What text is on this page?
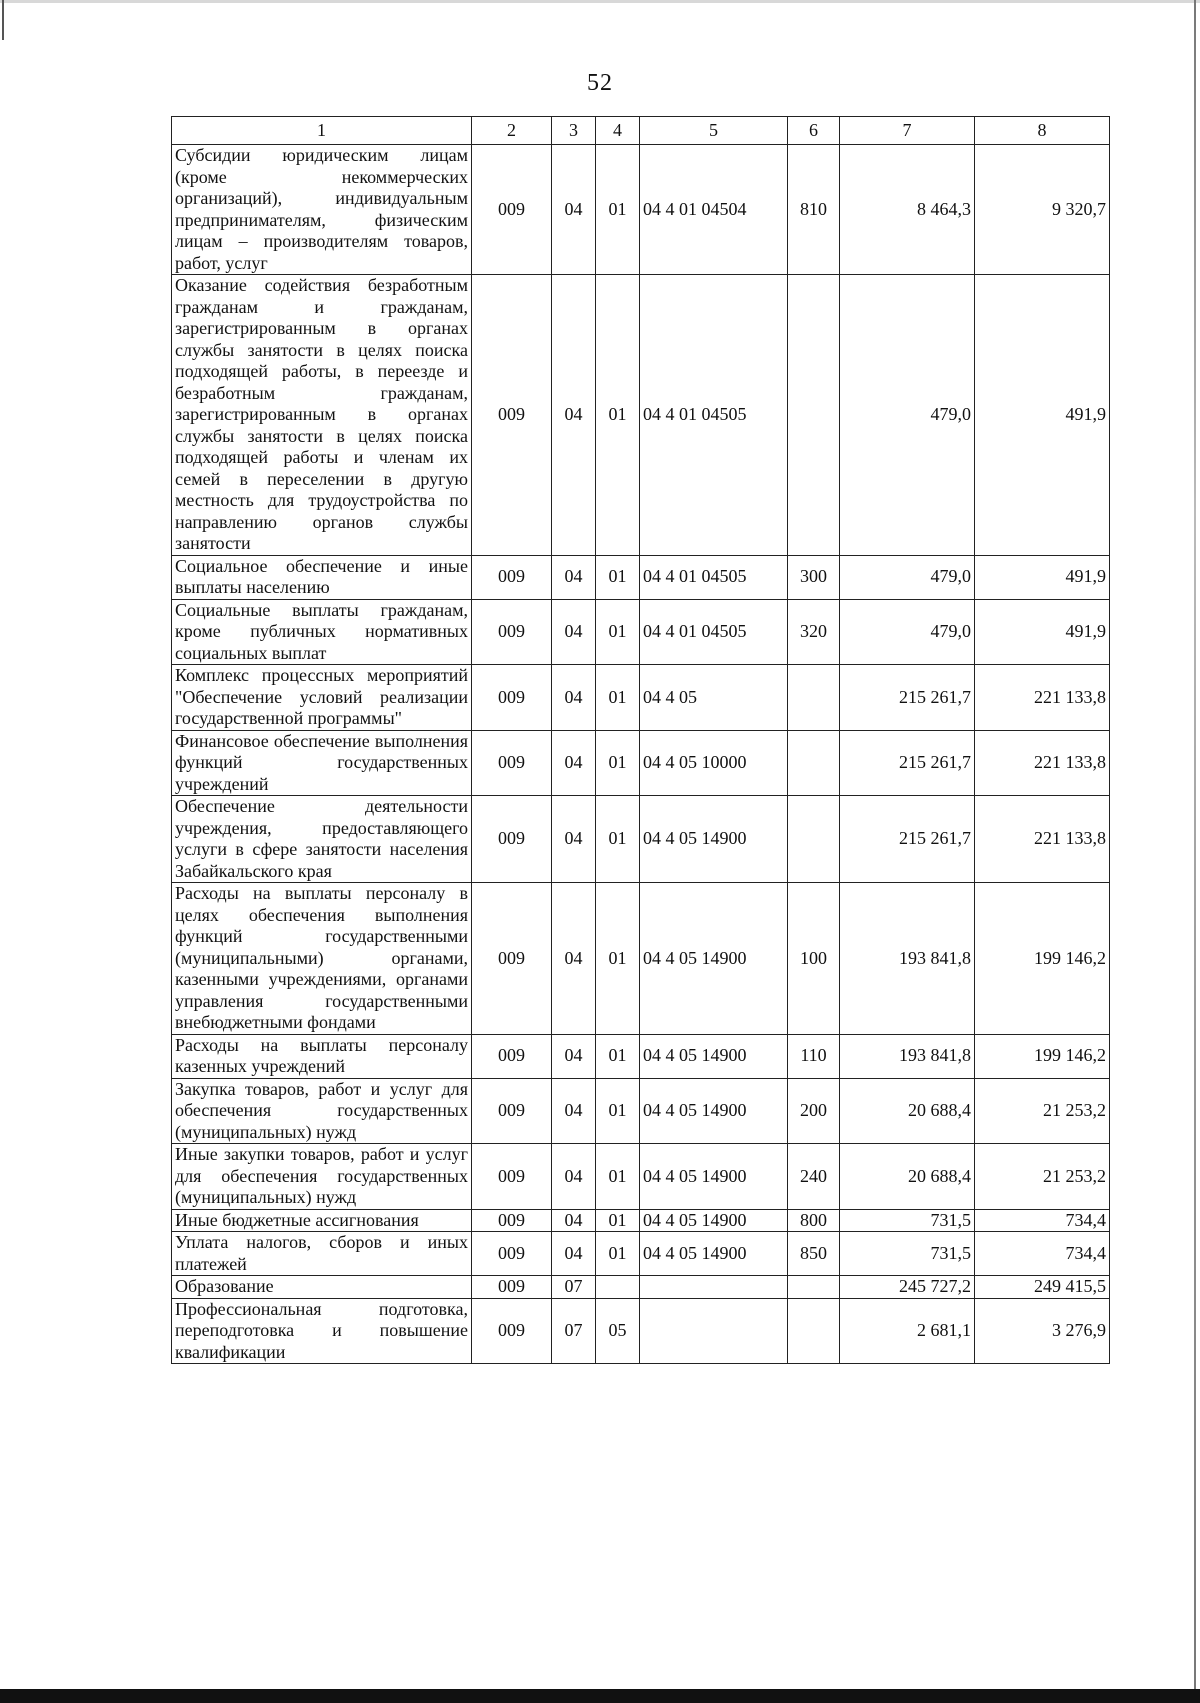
52
1	2	3	4	5	6	7	8
Субсидии юридическим лицам (кроме некоммерческих организаций), индивидуальным предпринимателям, физическим лицам – производителям товаров, работ, услуг	009	04	01	04 4 01 04504	810	8 464,3	9 320,7
Оказание содействия безработным гражданам и гражданам, зарегистрированным в органах службы занятости в целях поиска подходящей работы, в переезде и безработным гражданам, зарегистрированным в органах службы занятости в целях поиска подходящей работы и членам их семей в переселении в другую местность для трудоустройства по направлению органов службы занятости	009	04	01	04 4 01 04505		479,0	491,9
Социальное обеспечение и иные выплаты населению	009	04	01	04 4 01 04505	300	479,0	491,9
Социальные выплаты гражданам, кроме публичных нормативных социальных выплат	009	04	01	04 4 01 04505	320	479,0	491,9
Комплекс процессных мероприятий "Обеспечение условий реализации государственной программы"	009	04	01	04 4 05		215 261,7	221 133,8
Финансовое обеспечение выполнения функций государственных учреждений	009	04	01	04 4 05 10000		215 261,7	221 133,8
Обеспечение деятельности учреждения, предоставляющего услуги в сфере занятости населения Забайкальского края	009	04	01	04 4 05 14900		215 261,7	221 133,8
Расходы на выплаты персоналу в целях обеспечения выполнения функций государственными (муниципальными) органами, казенными учреждениями, органами управления государственными внебюджетными фондами	009	04	01	04 4 05 14900	100	193 841,8	199 146,2
Расходы на выплаты персоналу казенных учреждений	009	04	01	04 4 05 14900	110	193 841,8	199 146,2
Закупка товаров, работ и услуг для обеспечения государственных (муниципальных) нужд	009	04	01	04 4 05 14900	200	20 688,4	21 253,2
Иные закупки товаров, работ и услуг для обеспечения государственных (муниципальных) нужд	009	04	01	04 4 05 14900	240	20 688,4	21 253,2
Иные бюджетные ассигнования	009	04	01	04 4 05 14900	800	731,5	734,4
Уплата налогов, сборов и иных платежей	009	04	01	04 4 05 14900	850	731,5	734,4
Образование	009	07				245 727,2	249 415,5
Профессиональная подготовка, переподготовка и повышение квалификации	009	07	05			2 681,1	3 276,9
